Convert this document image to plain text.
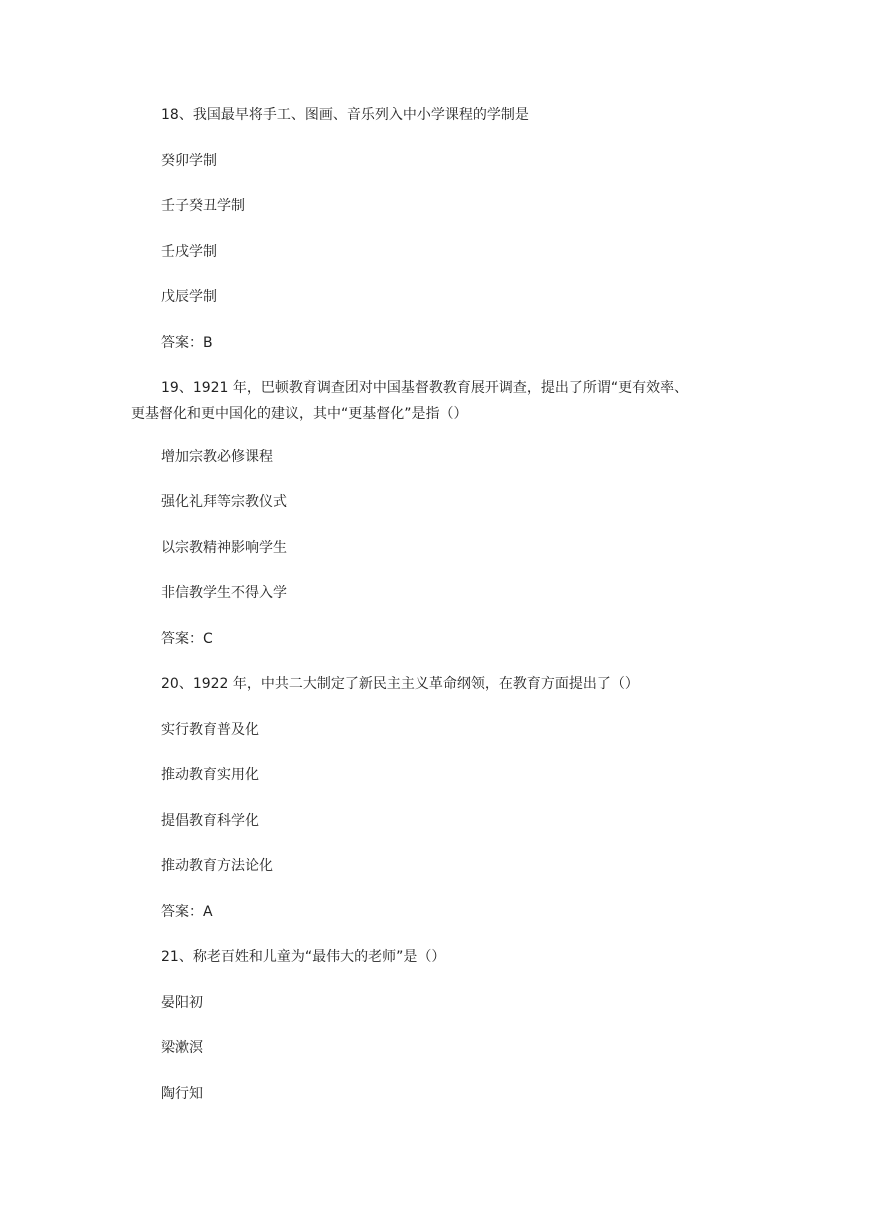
18、我国最早将手工、图画、音乐列入中小学课程的学制是
癸卯学制
壬子癸丑学制
壬戌学制
戊辰学制
答案：B
19、1921 年，巴顿教育调查团对中国基督教教育展开调查，提出了所谓“更有效率、
更基督化和更中国化的建议，其中“更基督化”是指（）
增加宗教必修课程
强化礼拜等宗教仪式
以宗教精神影响学生
非信教学生不得入学
答案：C
20、1922 年，中共二大制定了新民主主义革命纲领，在教育方面提出了（）
实行教育普及化
推动教育实用化
提倡教育科学化
推动教育方法论化
答案：A
21、称老百姓和儿童为“最伟大的老师”是（）
晏阳初
梁漱溟
陶行知
